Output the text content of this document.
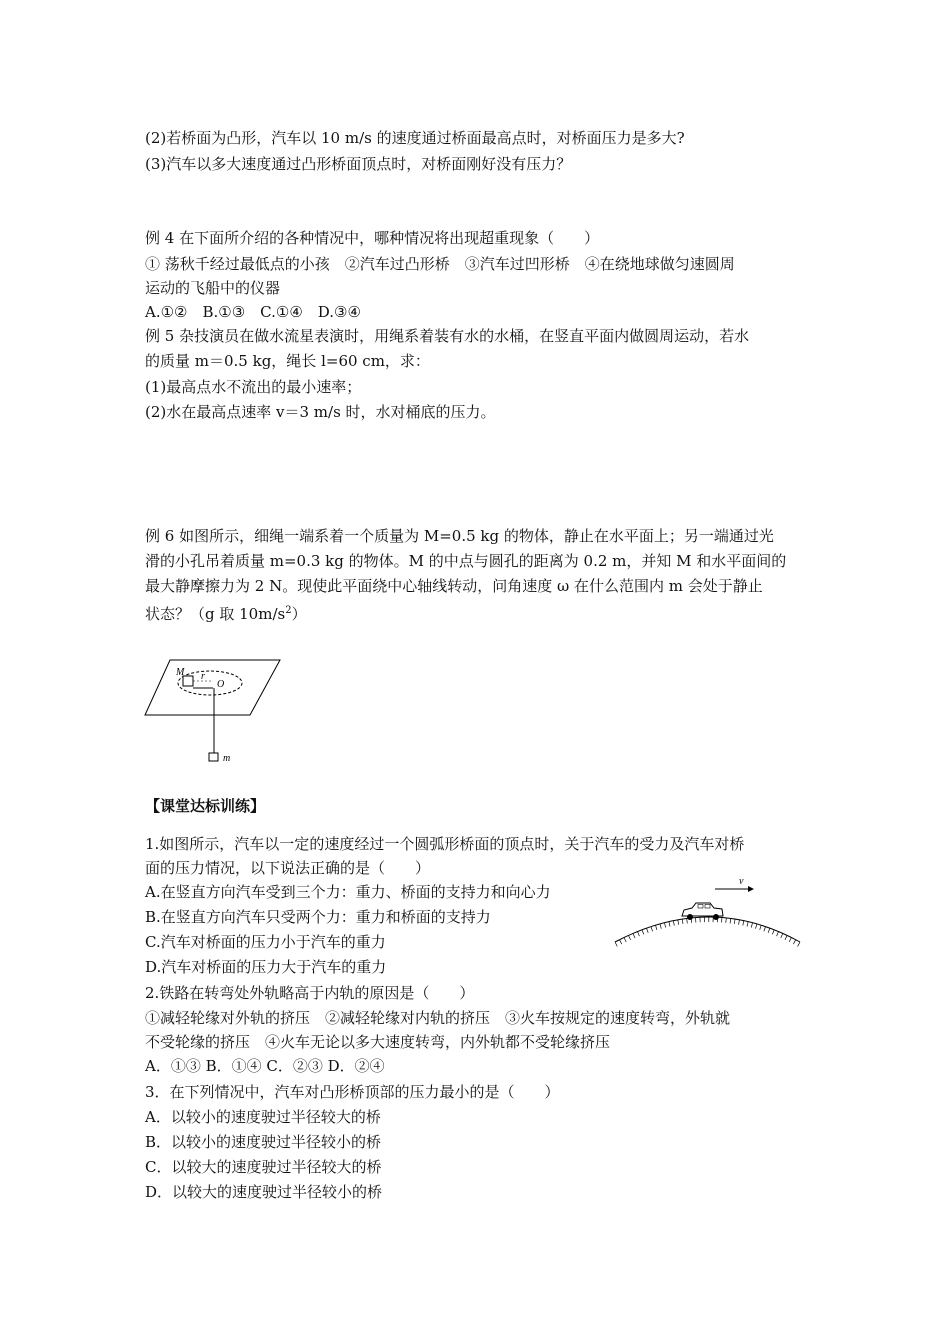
(2)若桥面为凸形，汽车以 10 m/s 的速度通过桥面最高点时，对桥面压力是多大?
(3)汽车以多大速度通过凸形桥面顶点时，对桥面刚好没有压力？
例 4 在下面所介绍的各种情况中，哪种情况将出现超重现象（　　）
① 荡秋千经过最低点的小孩　②汽车过凸形桥　③汽车过凹形桥　④在绕地球做匀速圆周
运动的飞船中的仪器
A.①②　B.①③　C.①④　D.③④
例 5 杂技演员在做水流星表演时，用绳系着装有水的水桶，在竖直平面内做圆周运动，若水
的质量 m＝0.5 kg，绳长 l=60 cm，求：
(1)最高点水不流出的最小速率；
(2)水在最高点速率 v＝3 m/s 时，水对桶底的压力。
例 6 如图所示，细绳一端系着一个质量为 M=0.5 kg 的物体，静止在水平面上；另一端通过光
滑的小孔吊着质量 m=0.3 kg 的物体。M 的中点与圆孔的距离为 0.2 m，并知 M 和水平面间的
最大静摩擦力为 2 N。现使此平面绕中心轴线转动，问角速度 ω 在什么范围内 m 会处于静止
状态？（g 取 $10m/s^2$）
M r
O
m
【课堂达标训练】
1.如图所示，汽车以一定的速度经过一个圆弧形桥面的顶点时，关于汽车的受力及汽车对桥
面的压力情况，以下说法正确的是（　　）
A.在竖直方向汽车受到三个力：重力、桥面的支持力和向心力
B.在竖直方向汽车只受两个力：重力和桥面的支持力
C.汽车对桥面的压力小于汽车的重力
D.汽车对桥面的压力大于汽车的重力
v
2.铁路在转弯处外轨略高于内轨的原因是（　　）
①减轻轮缘对外轨的挤压　②减轻轮缘对内轨的挤压　③火车按规定的速度转弯，外轨就
不受轮缘的挤压　④火车无论以多大速度转弯，内外轨都不受轮缘挤压
A．①③ B．①④ C．②③ D．②④
3．在下列情况中，汽车对凸形桥顶部的压力最小的是（　　）
A．以较小的速度驶过半径较大的桥
B．以较小的速度驶过半径较小的桥
C．以较大的速度驶过半径较大的桥
D．以较大的速度驶过半径较小的桥
